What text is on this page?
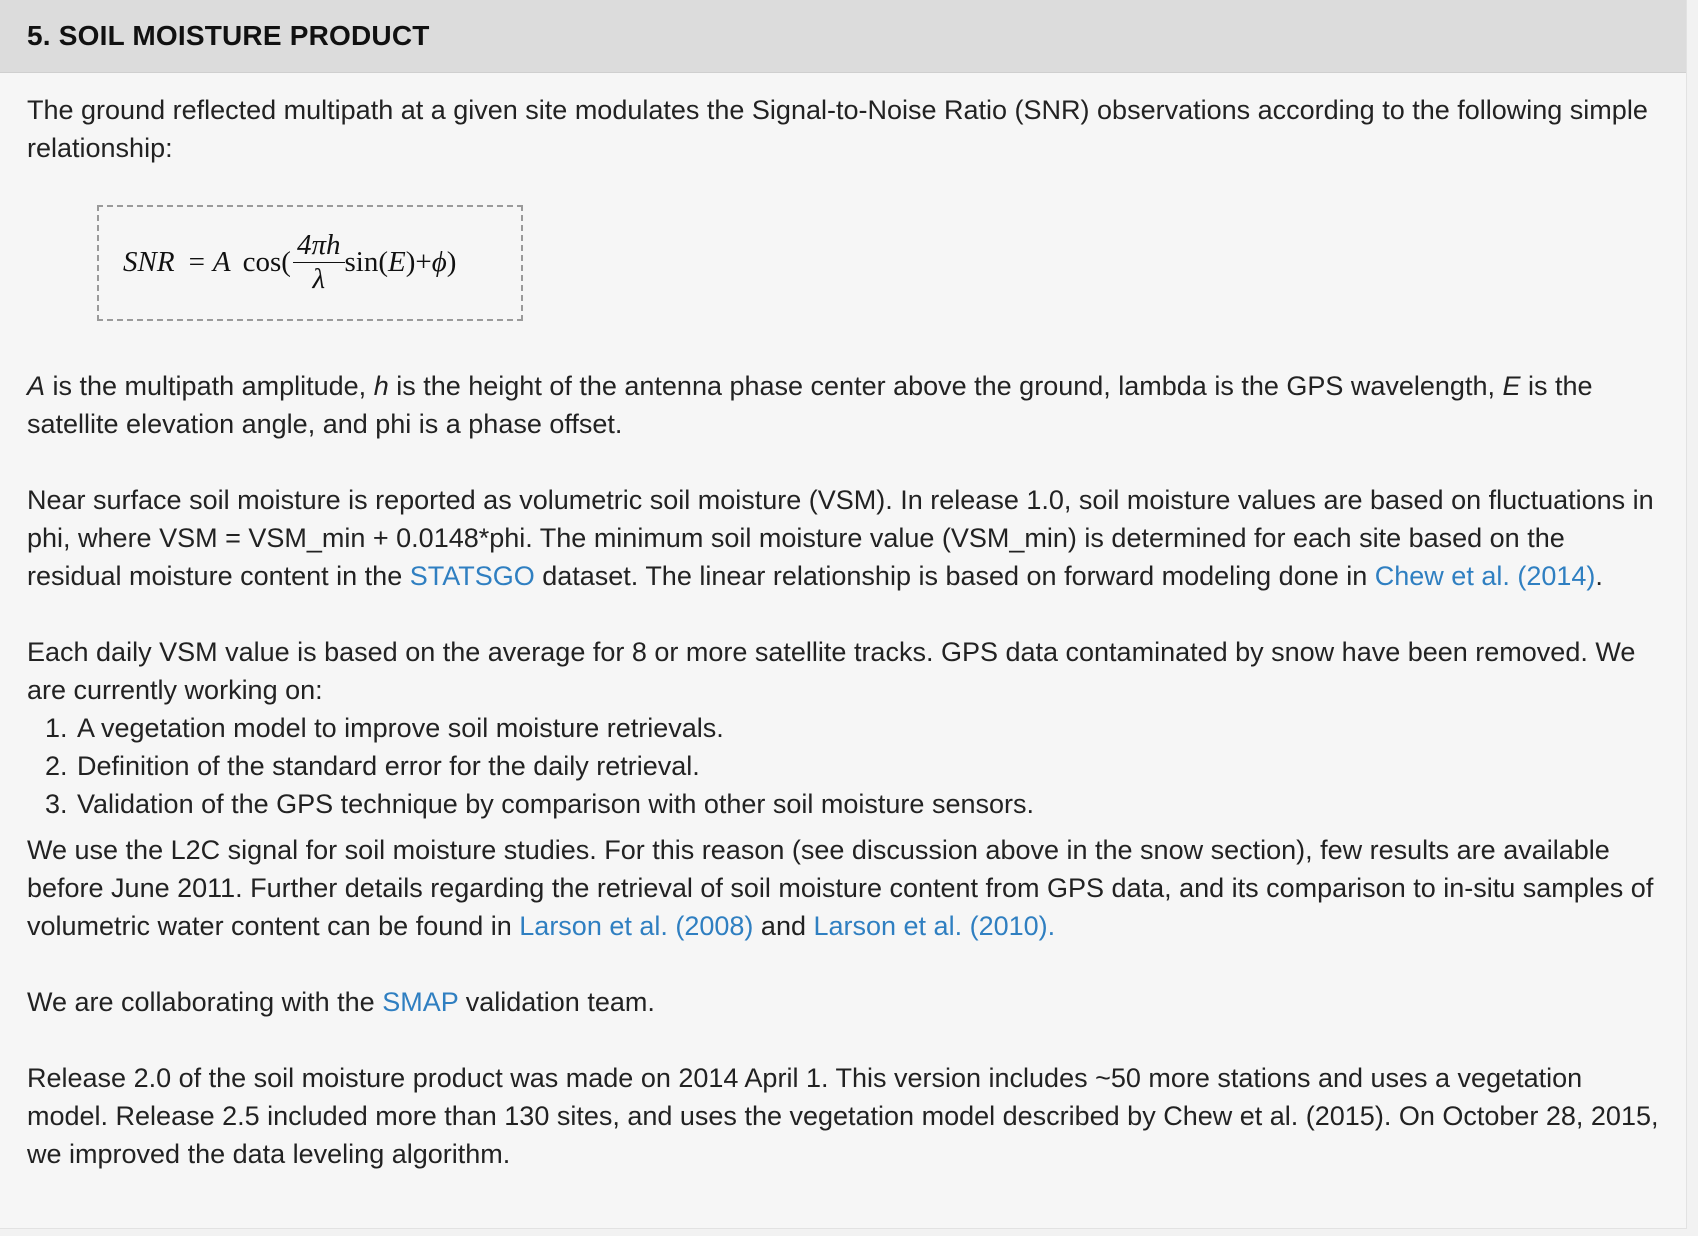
5. SOIL MOISTURE PRODUCT

The ground reflected multipath at a given site modulates the Signal-to-Noise Ratio (SNR) observations according to the following simple relationship:

SNR = A $\cos( \frac{4\pi h}{\lambda} \sin$( E )+ ϕ )

A is the multipath amplitude, h is the height of the antenna phase center above the ground, lambda is the GPS wavelength, E is the satellite elevation angle, and phi is a phase offset.

Near surface soil moisture is reported as volumetric soil moisture (VSM). In release 1.0, soil moisture values are based on fluctuations in phi, where VSM = VSM_min + 0.0148*phi. The minimum soil moisture value (VSM_min) is determined for each site based on the residual moisture content in the STATSGO dataset. The linear relationship is based on forward modeling done in Chew et al. (2014).

Each daily VSM value is based on the average for 8 or more satellite tracks. GPS data contaminated by snow have been removed. We are currently working on:

1. A vegetation model to improve soil moisture retrievals.
2. Definition of the standard error for the daily retrieval.
3. Validation of the GPS technique by comparison with other soil moisture sensors.

We use the L2C signal for soil moisture studies. For this reason (see discussion above in the snow section), few results are available before June 2011. Further details regarding the retrieval of soil moisture content from GPS data, and its comparison to in-situ samples of volumetric water content can be found in Larson et al. (2008) and Larson et al. (2010).

We are collaborating with the SMAP validation team.

Release 2.0 of the soil moisture product was made on 2014 April 1. This version includes ~50 more stations and uses a vegetation model. Release 2.5 included more than 130 sites, and uses the vegetation model described by Chew et al. (2015). On October 28, 2015, we improved the data leveling algorithm.
